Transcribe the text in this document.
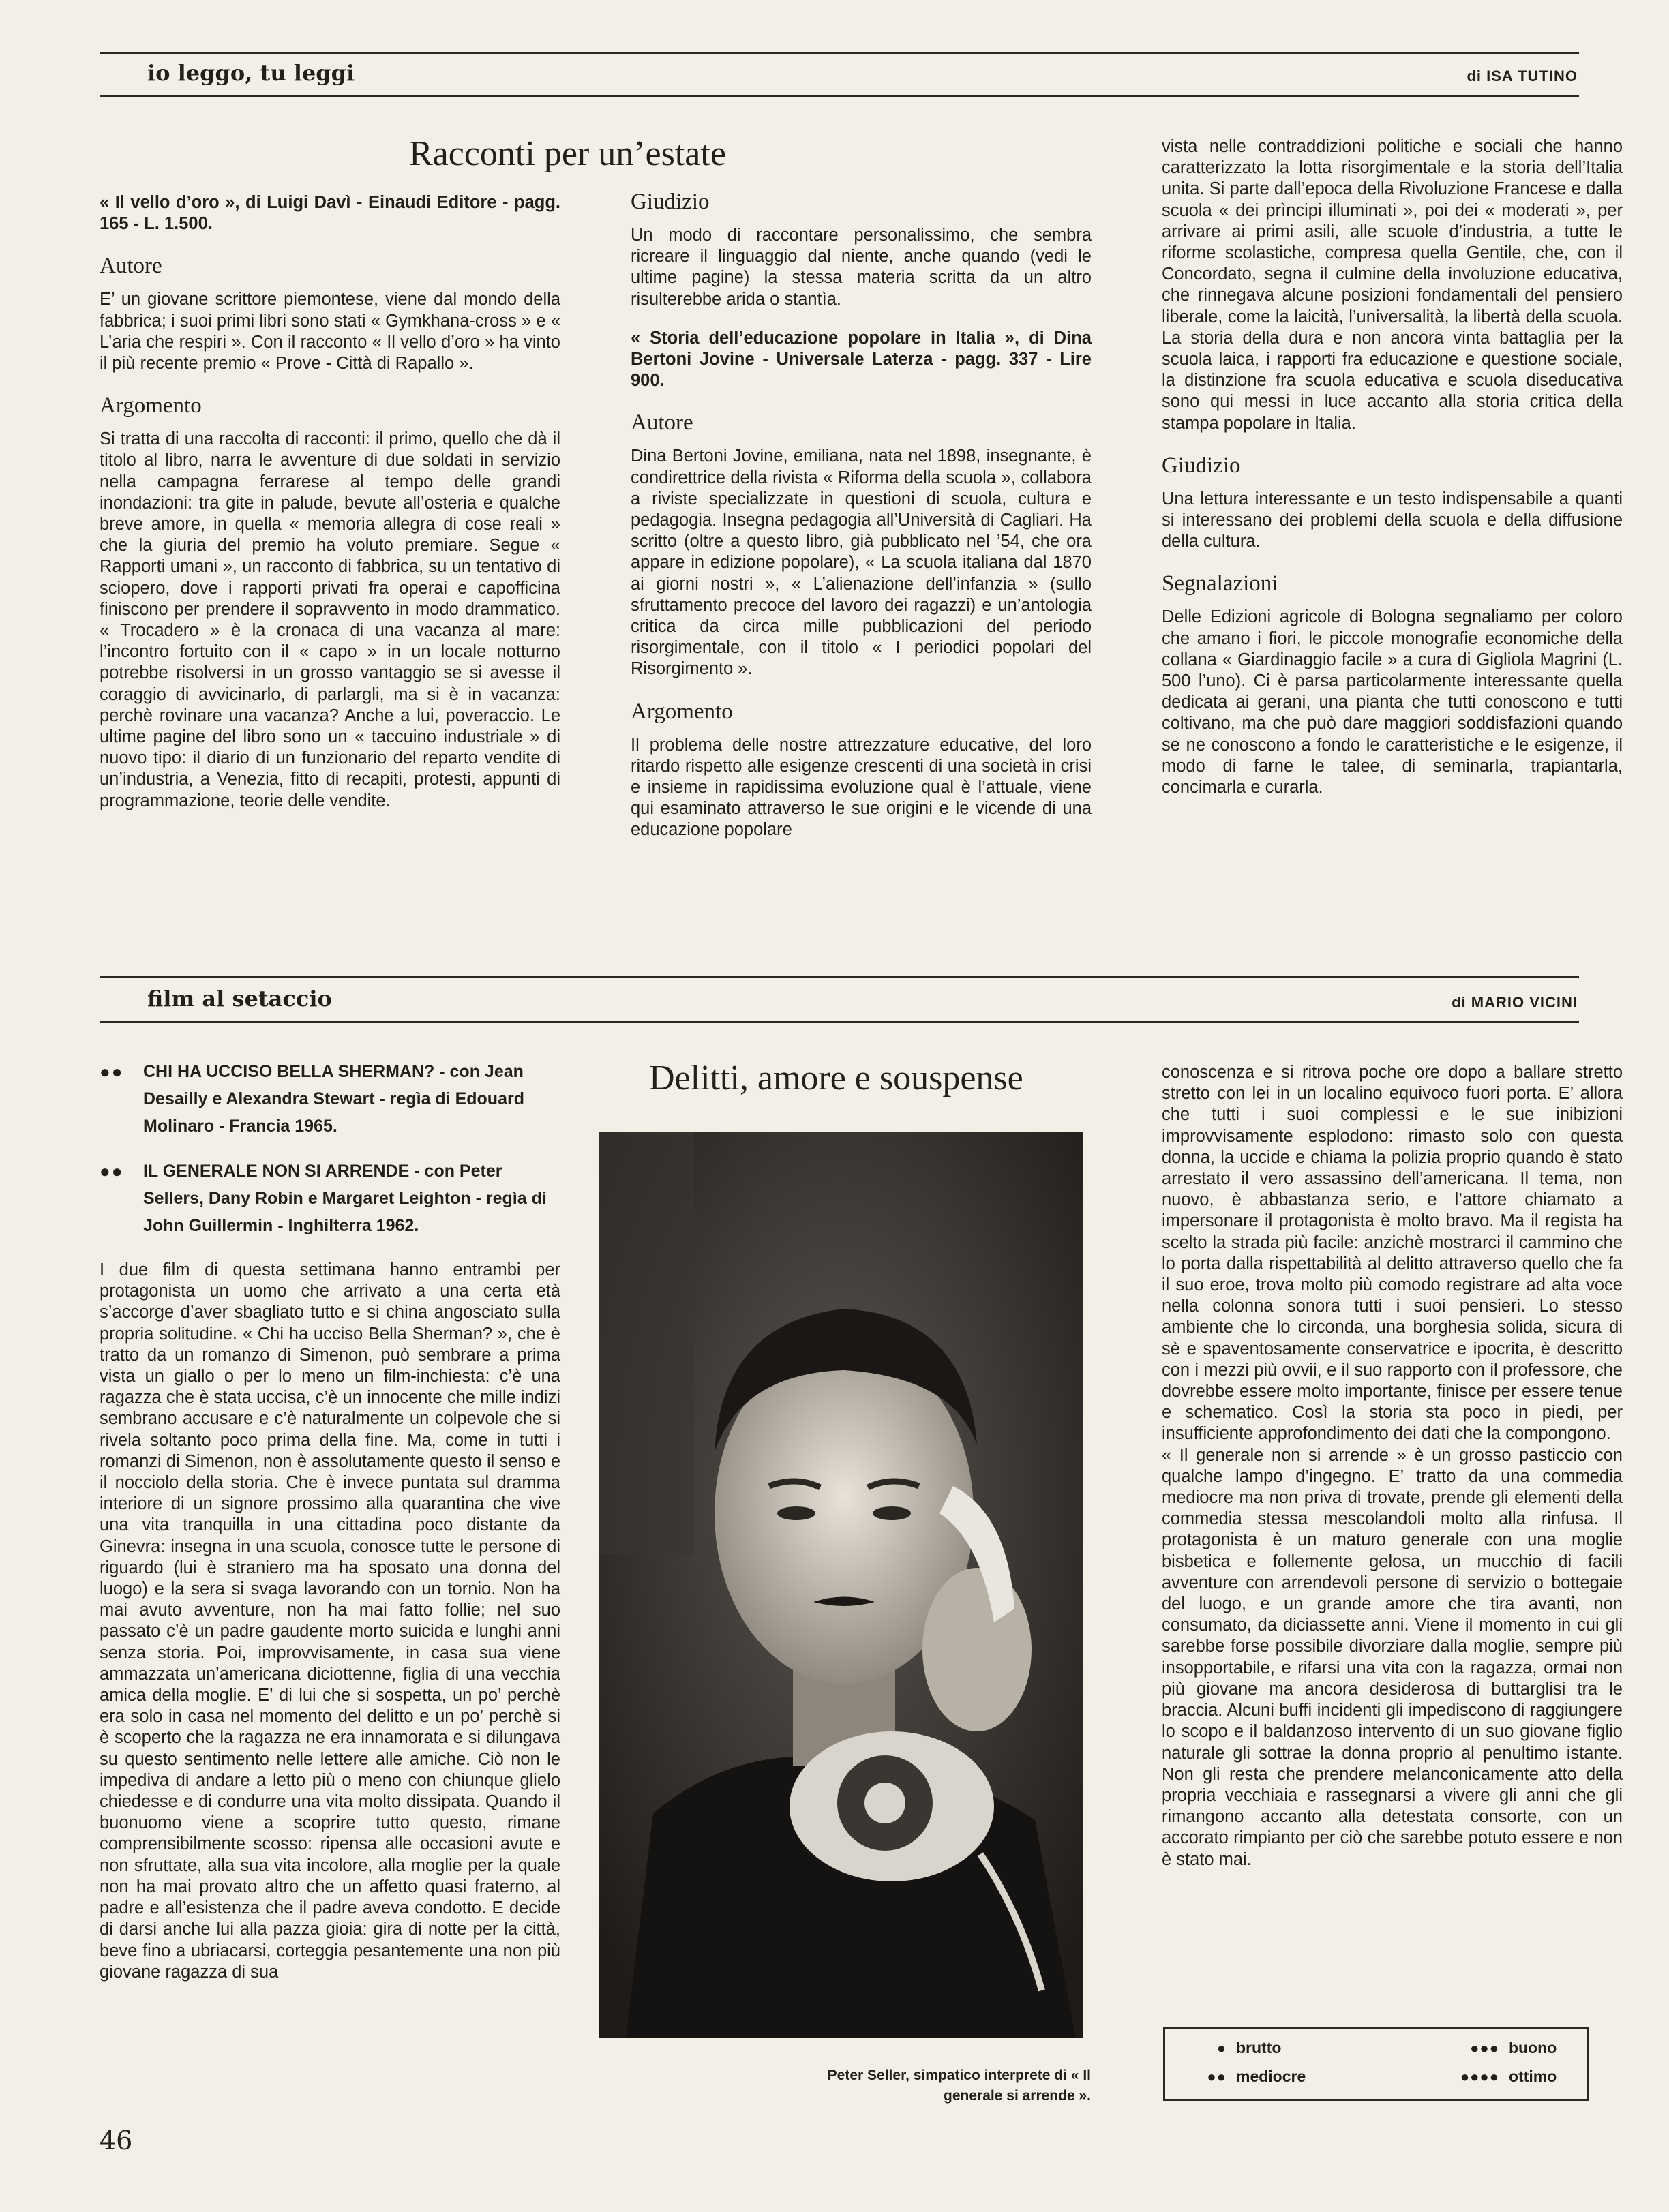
io leggo, tu leggi	di ISA TUTINO
Racconti per un’estate

« Il vello d’oro », di Luigi Davì - Einaudi Editore - pagg. 165 - L. 1.500.

Autore

E’ un giovane scrittore piemontese, viene dal mondo della fabbrica; i suoi primi libri sono stati « Gymkhana-cross » e « L’aria che respiri ». Con il racconto « Il vello d’oro » ha vinto il più recente premio « Prove - Città di Rapallo ».

Argomento

Si tratta di una raccolta di racconti: il primo, quello che dà il titolo al libro, narra le avventure di due soldati in servizio nella campagna ferrarese al tempo delle grandi inondazioni: tra gite in palude, bevute all’osteria e qualche breve amore, in quella « memoria allegra di cose reali » che la giuria del premio ha voluto premiare. Segue « Rapporti umani », un racconto di fabbrica, su un tentativo di sciopero, dove i rapporti privati fra operai e capofficina finiscono per prendere il sopravvento in modo drammatico. « Trocadero » è la cronaca di una vacanza al mare: l’incontro fortuito con il « capo » in un locale notturno potrebbe risolversi in un grosso vantaggio se si avesse il coraggio di avvicinarlo, di parlargli, ma si è in vacanza: perchè rovinare una vacanza? Anche a lui, poveraccio. Le ultime pagine del libro sono un « taccuino industriale » di nuovo tipo: il diario di un funzionario del reparto vendite di un’industria, a Venezia, fitto di recapiti, protesti, appunti di programmazione, teorie delle vendite.

Giudizio

Un modo di raccontare personalissimo, che sembra ricreare il linguaggio dal niente, anche quando (vedi le ultime pagine) la stessa materia scritta da un altro risulterebbe arida o stantìa.

« Storia dell’educazione popolare in Italia », di Dina Bertoni Jovine - Universale Laterza - pagg. 337 - Lire 900.

Autore

Dina Bertoni Jovine, emiliana, nata nel 1898, insegnante, è condirettrice della rivista « Riforma della scuola », collabora a riviste specializzate in questioni di scuola, cultura e pedagogia. Insegna pedagogia all’Università di Cagliari. Ha scritto (oltre a questo libro, già pubblicato nel ’54, che ora appare in edizione popolare), « La scuola italiana dal 1870 ai giorni nostri », « L’alienazione dell’infanzia » (sullo sfruttamento precoce del lavoro dei ragazzi) e un’antologia critica da circa mille pubblicazioni del periodo risorgimentale, con il titolo « I periodici popolari del Risorgimento ».

Argomento

Il problema delle nostre attrezzature educative, del loro ritardo rispetto alle esigenze crescenti di una società in crisi e insieme in rapidissima evoluzione qual è l’attuale, viene qui esaminato attraverso le sue origini e le vicende di una educazione popolare

vista nelle contraddizioni politiche e sociali che hanno caratterizzato la lotta risorgimentale e la storia dell’Italia unita. Si parte dall’epoca della Rivoluzione Francese e dalla scuola « dei prìncipi illuminati », poi dei « moderati », per arrivare ai primi asili, alle scuole d’industria, a tutte le riforme scolastiche, compresa quella Gentile, che, con il Concordato, segna il culmine della involuzione educativa, che rinnegava alcune posizioni fondamentali del pensiero liberale, come la laicità, l’universalità, la libertà della scuola. La storia della dura e non ancora vinta battaglia per la scuola laica, i rapporti fra educazione e questione sociale, la distinzione fra scuola educativa e scuola diseducativa sono qui messi in luce accanto alla storia critica della stampa popolare in Italia.

Giudizio

Una lettura interessante e un testo indispensabile a quanti si interessano dei problemi della scuola e della diffusione della cultura.

Segnalazioni

Delle Edizioni agricole di Bologna segnaliamo per coloro che amano i fiori, le piccole monografie economiche della collana « Giardinaggio facile » a cura di Gigliola Magrini (L. 500 l’uno). Ci è parsa particolarmente interessante quella dedicata ai gerani, una pianta che tutti conoscono e tutti coltivano, ma che può dare maggiori soddisfazioni quando se ne conoscono a fondo le caratteristiche e le esigenze, il modo di farne le talee, di seminarla, trapiantarla, concimarla e curarla.

film al setaccio	di MARIO VICINI
Delitti, amore e souspense
●● CHI HA UCCISO BELLA SHERMAN? - con Jean Desailly e Alexandra Stewart - regìa di Edouard Molinaro - Francia 1965.
●● IL GENERALE NON SI ARRENDE - con Peter Sellers, Dany Robin e Margaret Leighton - regìa di John Guillermin - Inghilterra 1962.

I due film di questa settimana hanno entrambi per protagonista un uomo che arrivato a una certa età s’accorge d’aver sbagliato tutto e si china angosciato sulla propria solitudine. « Chi ha ucciso Bella Sherman? », che è tratto da un romanzo di Simenon, può sembrare a prima vista un giallo o per lo meno un film-inchiesta: c’è una ragazza che è stata uccisa, c’è un innocente che mille indizi sembrano accusare e c’è naturalmente un colpevole che si rivela soltanto poco prima della fine. Ma, come in tutti i romanzi di Simenon, non è assolutamente questo il senso e il nocciolo della storia. Che è invece puntata sul dramma interiore di un signore prossimo alla quarantina che vive una vita tranquilla in una cittadina poco distante da Ginevra: insegna in una scuola, conosce tutte le persone di riguardo (lui è straniero ma ha sposato una donna del luogo) e la sera si svaga lavorando con un tornio. Non ha mai avuto avventure, non ha mai fatto follie; nel suo passato c’è un padre gaudente morto suicida e lunghi anni senza storia. Poi, improvvisamente, in casa sua viene ammazzata un’americana diciottenne, figlia di una vecchia amica della moglie. E’ di lui che si sospetta, un po’ perchè era solo in casa nel momento del delitto e un po’ perchè si è scoperto che la ragazza ne era innamorata e si dilungava su questo sentimento nelle lettere alle amiche. Ciò non le impediva di andare a letto più o meno con chiunque glielo chiedesse e di condurre una vita molto dissipata. Quando il buonuomo viene a scoprire tutto questo, rimane comprensibilmente scosso: ripensa alle occasioni avute e non sfruttate, alla sua vita incolore, alla moglie per la quale non ha mai provato altro che un affetto quasi fraterno, al padre e all’esistenza che il padre aveva condotto. E decide di darsi anche lui alla pazza gioia: gira di notte per la città, beve fino a ubriacarsi, corteggia pesantemente una non più giovane ragazza di sua

conoscenza e si ritrova poche ore dopo a ballare stretto stretto con lei in un localino equivoco fuori porta. E’ allora che tutti i suoi complessi e le sue inibizioni improvvisamente esplodono: rimasto solo con questa donna, la uccide e chiama la polizia proprio quando è stato arrestato il vero assassino dell’americana. Il tema, non nuovo, è abbastanza serio, e l’attore chiamato a impersonare il protagonista è molto bravo. Ma il regista ha scelto la strada più facile: anzichè mostrarci il cammino che lo porta dalla rispettabilità al delitto attraverso quello che fa il suo eroe, trova molto più comodo registrare ad alta voce nella colonna sonora tutti i suoi pensieri. Lo stesso ambiente che lo circonda, una borghesia solida, sicura di sè e spaventosamente conservatrice e ipocrita, è descritto con i mezzi più ovvii, e il suo rapporto con il professore, che dovrebbe essere molto importante, finisce per essere tenue e schematico. Così la storia sta poco in piedi, per insufficiente approfondimento dei dati che la compongono.

« Il generale non si arrende » è un grosso pasticcio con qualche lampo d’ingegno. E’ tratto da una commedia mediocre ma non priva di trovate, prende gli elementi della commedia stessa mescolandoli molto alla rinfusa. Il protagonista è un maturo generale con una moglie bisbetica e follemente gelosa, un mucchio di facili avventure con arrendevoli persone di servizio o bottegaie del luogo, e un grande amore che tira avanti, non consumato, da diciassette anni. Viene il momento in cui gli sarebbe forse possibile divorziare dalla moglie, sempre più insopportabile, e rifarsi una vita con la ragazza, ormai non più giovane ma ancora desiderosa di buttarglisi tra le braccia. Alcuni buffi incidenti gli impediscono di raggiungere lo scopo e il baldanzoso intervento di un suo giovane figlio naturale gli sottrae la donna proprio al penultimo istante. Non gli resta che prendere melanconicamente atto della propria vecchiaia e rassegnarsi a vivere gli anni che gli rimangono accanto alla detestata consorte, con un accorato rimpianto per ciò che sarebbe potuto essere e non è stato mai.

Peter Seller, simpatico interprete di « Il generale si arrende ».
● brutto	●●● buono
●● mediocre	●●●● ottimo
46
